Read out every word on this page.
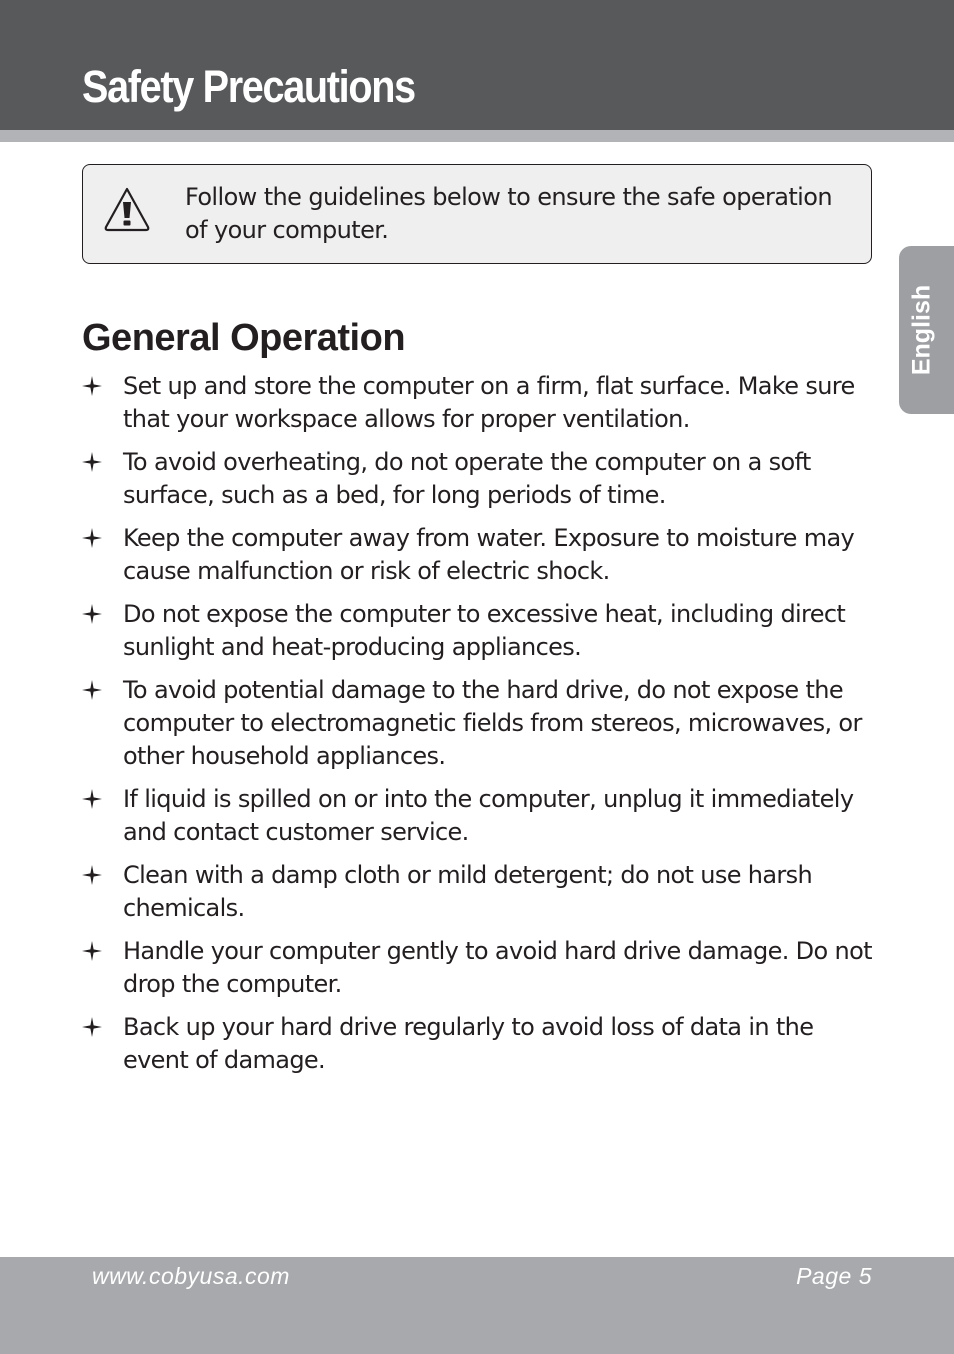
Safety Precautions
English

Follow the guidelines below to ensure the safe operation of your computer.

General Operation
Set up and store the computer on a firm, flat surface. Make sure that your workspace allows for proper ventilation.
To avoid overheating, do not operate the computer on a soft surface, such as a bed, for long periods of time.
Keep the computer away from water. Exposure to moisture may cause malfunction or risk of electric shock.
Do not expose the computer to excessive heat, including direct sunlight and heat-producing appliances.
To avoid potential damage to the hard drive, do not expose the computer to electromagnetic fields from stereos, microwaves, or other household appliances.
If liquid is spilled on or into the computer, unplug it immediately and contact customer service.
Clean with a damp cloth or mild detergent; do not use harsh chemicals.
Handle your computer gently to avoid hard drive damage. Do not drop the computer.
Back up your hard drive regularly to avoid loss of data in the event of damage.
www.cobyusa.com	Page 5
